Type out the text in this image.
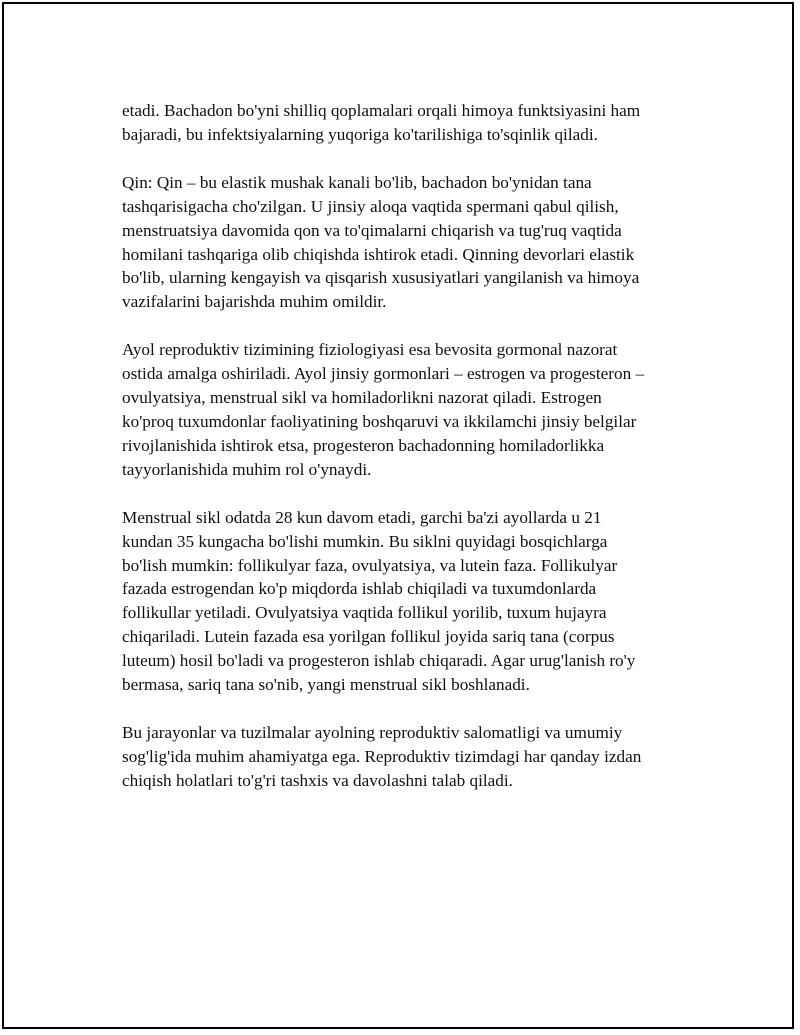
etadi. Bachadon bo'yni shilliq qoplamalari orqali himoya funktsiyasini ham
bajaradi, bu infektsiyalarning yuqoriga ko'tarilishiga to'sqinlik qiladi.

Qin: Qin – bu elastik mushak kanali bo'lib, bachadon bo'ynidan tana
tashqarisigacha cho'zilgan. U jinsiy aloqa vaqtida spermani qabul qilish,
menstruatsiya davomida qon va to'qimalarni chiqarish va tug'ruq vaqtida
homilani tashqariga olib chiqishda ishtirok etadi. Qinning devorlari elastik
bo'lib, ularning kengayish va qisqarish xususiyatlari yangilanish va himoya
vazifalarini bajarishda muhim omildir.

Ayol reproduktiv tizimining fiziologiyasi esa bevosita gormonal nazorat
ostida amalga oshiriladi. Ayol jinsiy gormonlari – estrogen va progesteron –
ovulyatsiya, menstrual sikl va homiladorlikni nazorat qiladi. Estrogen
ko'proq tuxumdonlar faoliyatining boshqaruvi va ikkilamchi jinsiy belgilar
rivojlanishida ishtirok etsa, progesteron bachadonning homiladorlikka
tayyorlanishida muhim rol o'ynaydi.

Menstrual sikl odatda 28 kun davom etadi, garchi ba'zi ayollarda u 21
kundan 35 kungacha bo'lishi mumkin. Bu siklni quyidagi bosqichlarga
bo'lish mumkin: follikulyar faza, ovulyatsiya, va lutein faza. Follikulyar
fazada estrogendan ko'p miqdorda ishlab chiqiladi va tuxumdonlarda
follikullar yetiladi. Ovulyatsiya vaqtida follikul yorilib, tuxum hujayra
chiqariladi. Lutein fazada esa yorilgan follikul joyida sariq tana (corpus
luteum) hosil bo'ladi va progesteron ishlab chiqaradi. Agar urug'lanish ro'y
bermasa, sariq tana so'nib, yangi menstrual sikl boshlanadi.

Bu jarayonlar va tuzilmalar ayolning reproduktiv salomatligi va umumiy
sog'lig'ida muhim ahamiyatga ega. Reproduktiv tizimdagi har qanday izdan
chiqish holatlari to'g'ri tashxis va davolashni talab qiladi.
